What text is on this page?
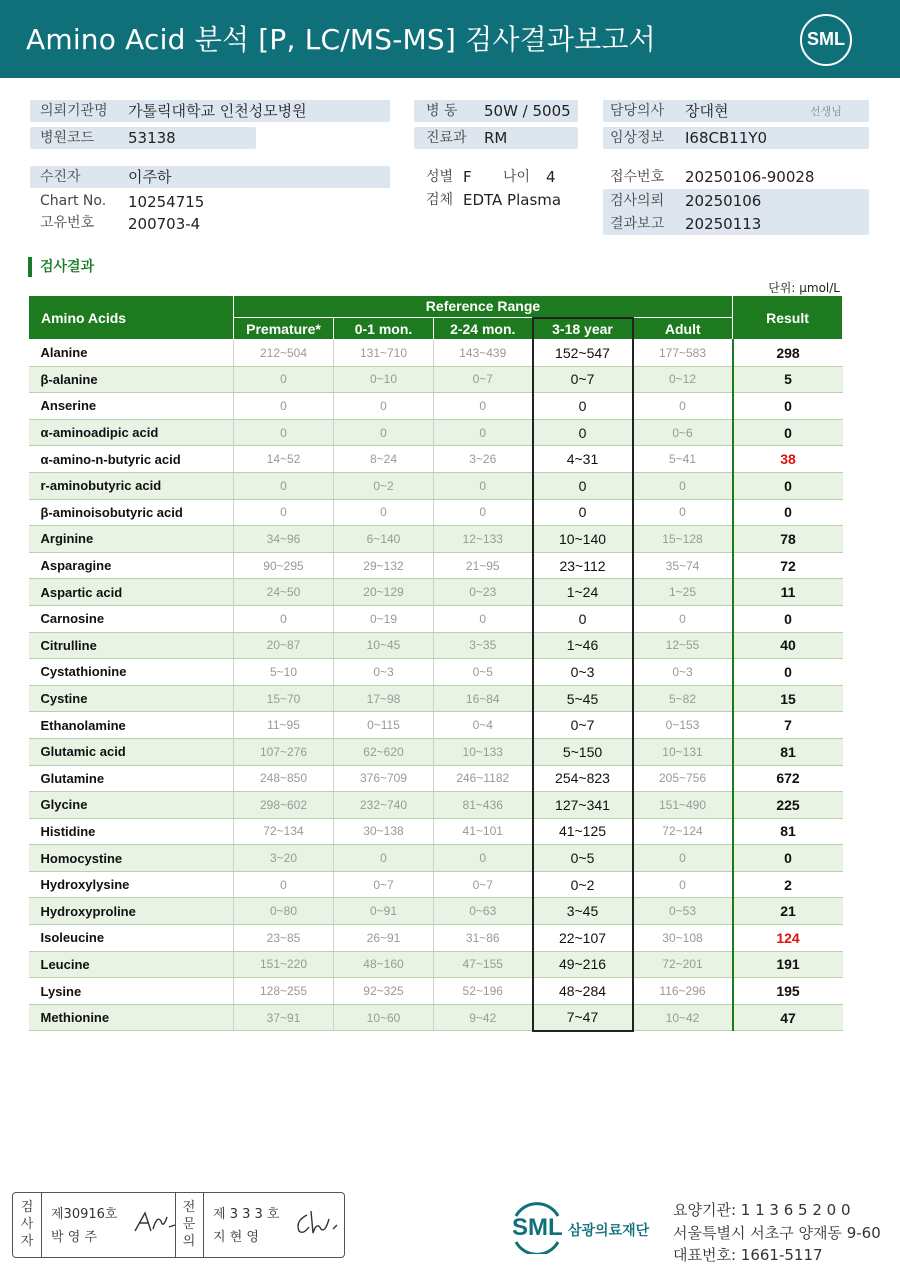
Amino Acid 분석 [P, LC/MS-MS] 검사결과보고서	SML
의뢰기관명 가톨릭대학교 인천성모병원
병원코드 53138
수진자	이주하
Chart No. 10254715
고유번호 200703-4
병 동 50W / 5005
진료과 RM
성별 F 나이 4
검체 EDTA Plasma
담당의사 장대현	선생님
임상정보 I68CB11Y0
접수번호 20250106-90028
검사의뢰 20250106
결과보고 20250113
검사결과
단위: μmol/L
Amino Acids	Reference Range					Result
	Premature*	0-1 mon.	2-24 mon.	3-18 year	Adult	
Alanine	212~504	131~710	143~439	152~547	177~583	298
β-alanine	0	0~10	0~7	0~7	0~12	5
Anserine	0	0	0	0	0	0
α-aminoadipic acid	0	0	0	0	0~6	0
α-amino-n-butyric acid	14~52	8~24	3~26	4~31	5~41	38
r-aminobutyric acid	0	0~2	0	0	0	0
β-aminoisobutyric acid	0	0	0	0	0	0
Arginine	34~96	6~140	12~133	10~140	15~128	78
Asparagine	90~295	29~132	21~95	23~112	35~74	72
Aspartic acid	24~50	20~129	0~23	1~24	1~25	11
Carnosine	0	0~19	0	0	0	0
Citrulline	20~87	10~45	3~35	1~46	12~55	40
Cystathionine	5~10	0~3	0~5	0~3	0~3	0
Cystine	15~70	17~98	16~84	5~45	5~82	15
Ethanolamine	11~95	0~115	0~4	0~7	0~153	7
Glutamic acid	107~276	62~620	10~133	5~150	10~131	81
Glutamine	248~850	376~709	246~1182	254~823	205~756	672
Glycine	298~602	232~740	81~436	127~341	151~490	225
Histidine	72~134	30~138	41~101	41~125	72~124	81
Homocystine	3~20	0	0	0~5	0	0
Hydroxylysine	0	0~7	0~7	0~2	0	2
Hydroxyproline	0~80	0~91	0~63	3~45	0~53	21
Isoleucine	23~85	26~91	31~86	22~107	30~108	124
Leucine	151~220	48~160	47~155	49~216	72~201	191
Lysine	128~255	92~325	52~196	48~284	116~296	195
Methionine	37~91	10~60	9~42	7~47	10~42	47
검
사
자
제30916호
박 영 주
전
문
의
제 3 3 3 호
지 현 영	SML 삼광의료재단
요양기관: 1 1 3 6 5 2 0 0
서울특별시 서초구 양재동 9-60
대표번호: 1661-5117
